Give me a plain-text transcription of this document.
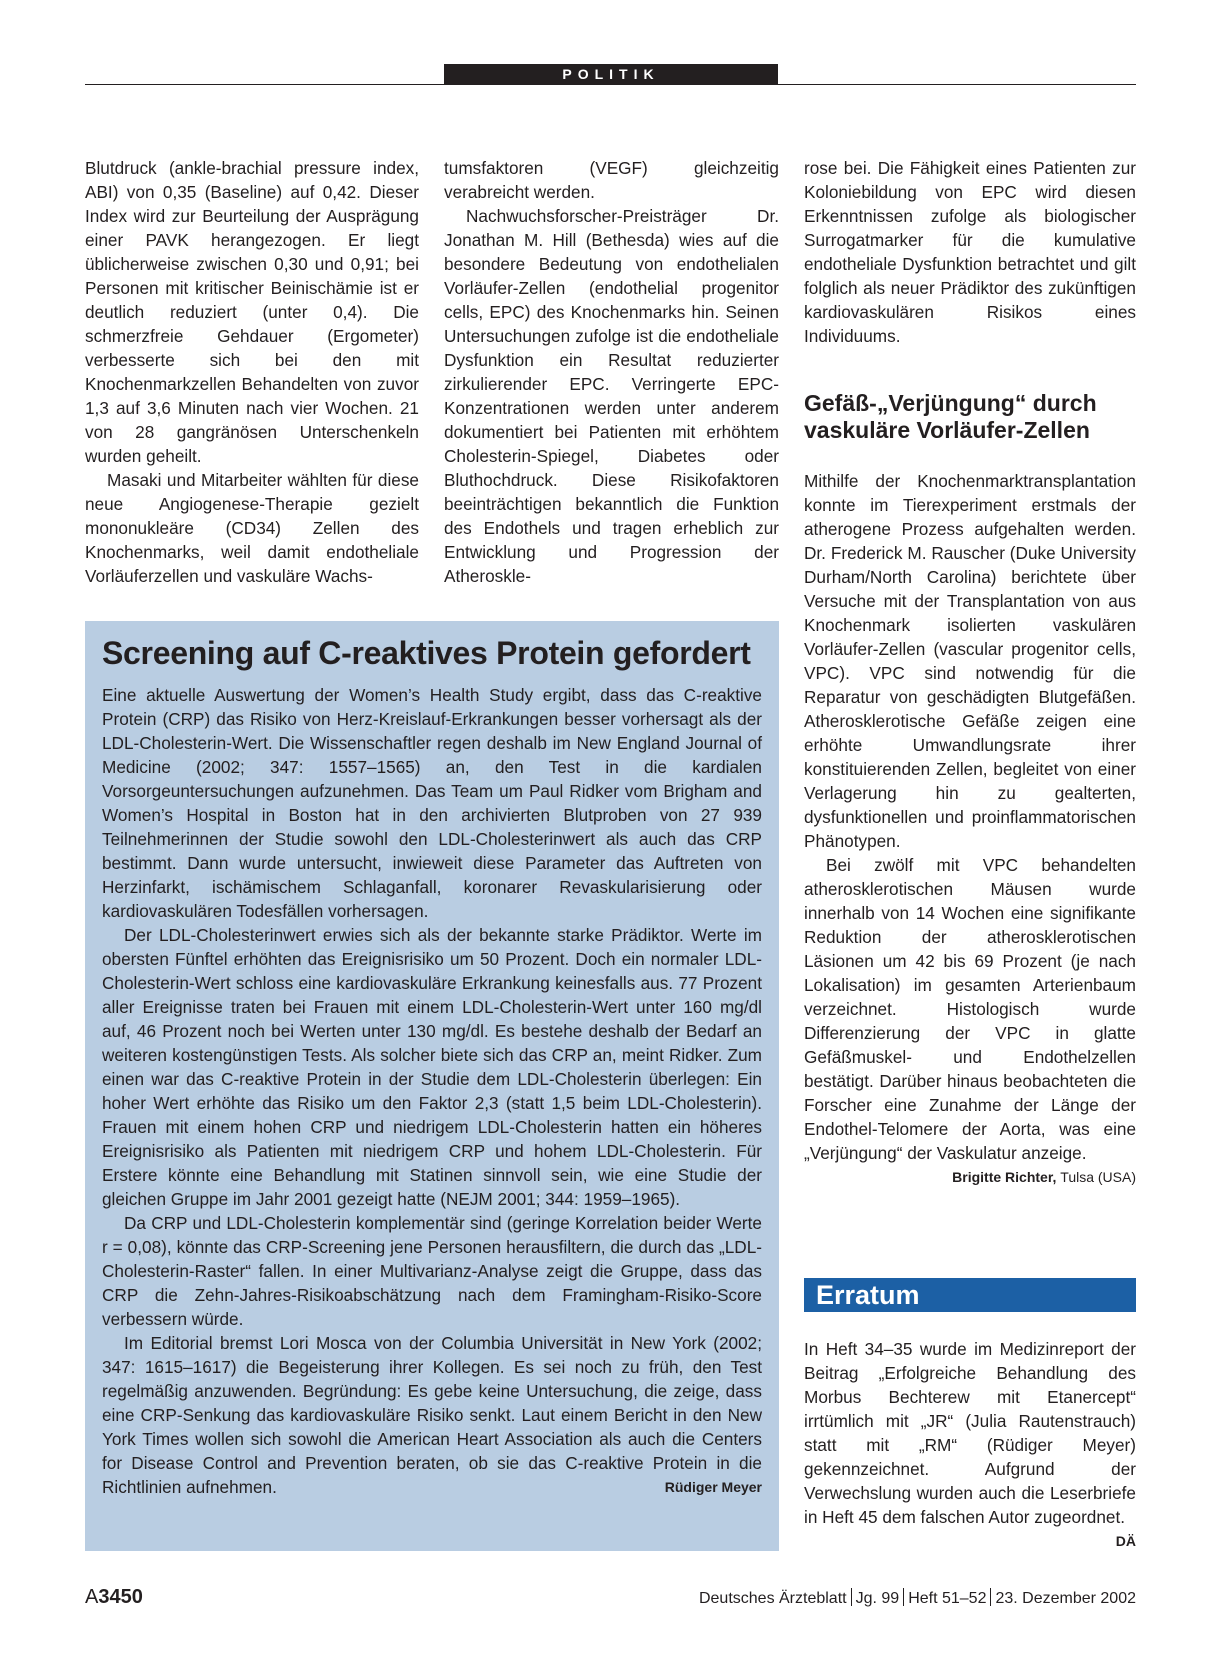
POLITIK

Blutdruck (ankle-brachial pressure index, ABI) von 0,35 (Baseline) auf 0,42. Dieser Index wird zur Beurteilung der Ausprägung einer PAVK herangezogen. Er liegt üblicherweise zwischen 0,30 und 0,91; bei Personen mit kritischer Beinischämie ist er deutlich reduziert (unter 0,4). Die schmerzfreie Gehdauer (Ergometer) verbesserte sich bei den mit Knochenmarkzellen Behandelten von zuvor 1,3 auf 3,6 Minuten nach vier Wochen. 21 von 28 gangränösen Unterschenkeln wurden geheilt.

Masaki und Mitarbeiter wählten für diese neue Angiogenese-Therapie gezielt mononukleäre (CD34) Zellen des Knochenmarks, weil damit endotheliale Vorläuferzellen und vaskuläre Wachs-

tumsfaktoren (VEGF) gleichzeitig verabreicht werden.

Nachwuchsforscher-Preisträger Dr. Jonathan M. Hill (Bethesda) wies auf die besondere Bedeutung von endothelialen Vorläufer-Zellen (endothelial progenitor cells, EPC) des Knochenmarks hin. Seinen Untersuchungen zufolge ist die endotheliale Dysfunktion ein Resultat reduzierter zirkulierender EPC. Verringerte EPC-Konzentrationen werden unter anderem dokumentiert bei Patienten mit erhöhtem Cholesterin-Spiegel, Diabetes oder Bluthochdruck. Diese Risikofaktoren beeinträchtigen bekanntlich die Funktion des Endothels und tragen erheblich zur Entwicklung und Progression der Atheroskle-

rose bei. Die Fähigkeit eines Patienten zur Koloniebildung von EPC wird diesen Erkenntnissen zufolge als biologischer Surrogatmarker für die kumulative endotheliale Dysfunktion betrachtet und gilt folglich als neuer Prädiktor des zukünftigen kardiovaskulären Risikos eines Individuums.

Gefäß-„Verjüngung“ durch vaskuläre Vorläufer-Zellen

Mithilfe der Knochenmarktransplantation konnte im Tierexperiment erstmals der atherogene Prozess aufgehalten werden. Dr. Frederick M. Rauscher (Duke University Durham/North Carolina) berichtete über Versuche mit der Transplantation von aus Knochenmark isolierten vaskulären Vorläufer-Zellen (vascular progenitor cells, VPC). VPC sind notwendig für die Reparatur von geschädigten Blutgefäßen. Atherosklerotische Gefäße zeigen eine erhöhte Umwandlungsrate ihrer konstituierenden Zellen, begleitet von einer Verlagerung hin zu gealterten, dysfunktionellen und proinflammatorischen Phänotypen.

Bei zwölf mit VPC behandelten atherosklerotischen Mäusen wurde innerhalb von 14 Wochen eine signifikante Reduktion der atherosklerotischen Läsionen um 42 bis 69 Prozent (je nach Lokalisation) im gesamten Arterienbaum verzeichnet. Histologisch wurde Differenzierung der VPC in glatte Gefäßmuskel- und Endothelzellen bestätigt. Darüber hinaus beobachteten die Forscher eine Zunahme der Länge der Endothel-Telomere der Aorta, was eine „Verjüngung“ der Vaskulatur anzeige.
Brigitte Richter, Tulsa (USA)

Screening auf C-reaktives Protein gefordert

Eine aktuelle Auswertung der Women’s Health Study ergibt, dass das C-reaktive Protein (CRP) das Risiko von Herz-Kreislauf-Erkrankungen besser vorhersagt als der LDL-Cholesterin-Wert. Die Wissenschaftler regen deshalb im New England Journal of Medicine (2002; 347: 1557–1565) an, den Test in die kardialen Vorsorgeuntersuchungen aufzunehmen. Das Team um Paul Ridker vom Brigham and Women’s Hospital in Boston hat in den archivierten Blutproben von 27 939 Teilnehmerinnen der Studie sowohl den LDL-Cholesterinwert als auch das CRP bestimmt. Dann wurde untersucht, inwieweit diese Parameter das Auftreten von Herzinfarkt, ischämischem Schlaganfall, koronarer Revaskularisierung oder kardiovaskulären Todesfällen vorhersagen.

Der LDL-Cholesterinwert erwies sich als der bekannte starke Prädiktor. Werte im obersten Fünftel erhöhten das Ereignisrisiko um 50 Prozent. Doch ein normaler LDL-Cholesterin-Wert schloss eine kardiovaskuläre Erkrankung keinesfalls aus. 77 Prozent aller Ereignisse traten bei Frauen mit einem LDL-Cholesterin-Wert unter 160 mg/dl auf, 46 Prozent noch bei Werten unter 130 mg/dl. Es bestehe deshalb der Bedarf an weiteren kostengünstigen Tests. Als solcher biete sich das CRP an, meint Ridker. Zum einen war das C-reaktive Protein in der Studie dem LDL-Cholesterin überlegen: Ein hoher Wert erhöhte das Risiko um den Faktor 2,3 (statt 1,5 beim LDL-Cholesterin). Frauen mit einem hohen CRP und niedrigem LDL-Cholesterin hatten ein höheres Ereignisrisiko als Patienten mit niedrigem CRP und hohem LDL-Cholesterin. Für Erstere könnte eine Behandlung mit Statinen sinnvoll sein, wie eine Studie der gleichen Gruppe im Jahr 2001 gezeigt hatte (NEJM 2001; 344: 1959–1965).

Da CRP und LDL-Cholesterin komplementär sind (geringe Korrelation beider Werte r = 0,08), könnte das CRP-Screening jene Personen herausfiltern, die durch das „LDL-Cholesterin-Raster“ fallen. In einer Multivarianz-Analyse zeigt die Gruppe, dass das CRP die Zehn-Jahres-Risikoabschätzung nach dem Framingham-Risiko-Score verbessern würde.

Im Editorial bremst Lori Mosca von der Columbia Universität in New York (2002; 347: 1615–1617) die Begeisterung ihrer Kollegen. Es sei noch zu früh, den Test regelmäßig anzuwenden. Begründung: Es gebe keine Untersuchung, die zeige, dass eine CRP-Senkung das kardiovaskuläre Risiko senkt. Laut einem Bericht in den New York Times wollen sich sowohl die American Heart Association als auch die Centers for Disease Control and Prevention beraten, ob sie das C-reaktive Protein in die Richtlinien aufnehmen.	Rüdiger Meyer

Erratum

In Heft 34–35 wurde im Medizinreport der Beitrag „Erfolgreiche Behandlung des Morbus Bechterew mit Etanercept“ irrtümlich mit „JR“ (Julia Rautenstrauch) statt mit „RM“ (Rüdiger Meyer) gekennzeichnet. Aufgrund der Verwechslung wurden auch die Leserbriefe in Heft 45 dem falschen Autor zugeordnet.
DÄ

A3450	Deutsches Ärzteblatt Jg. 99 Heft 51–52 23. Dezember 2002
